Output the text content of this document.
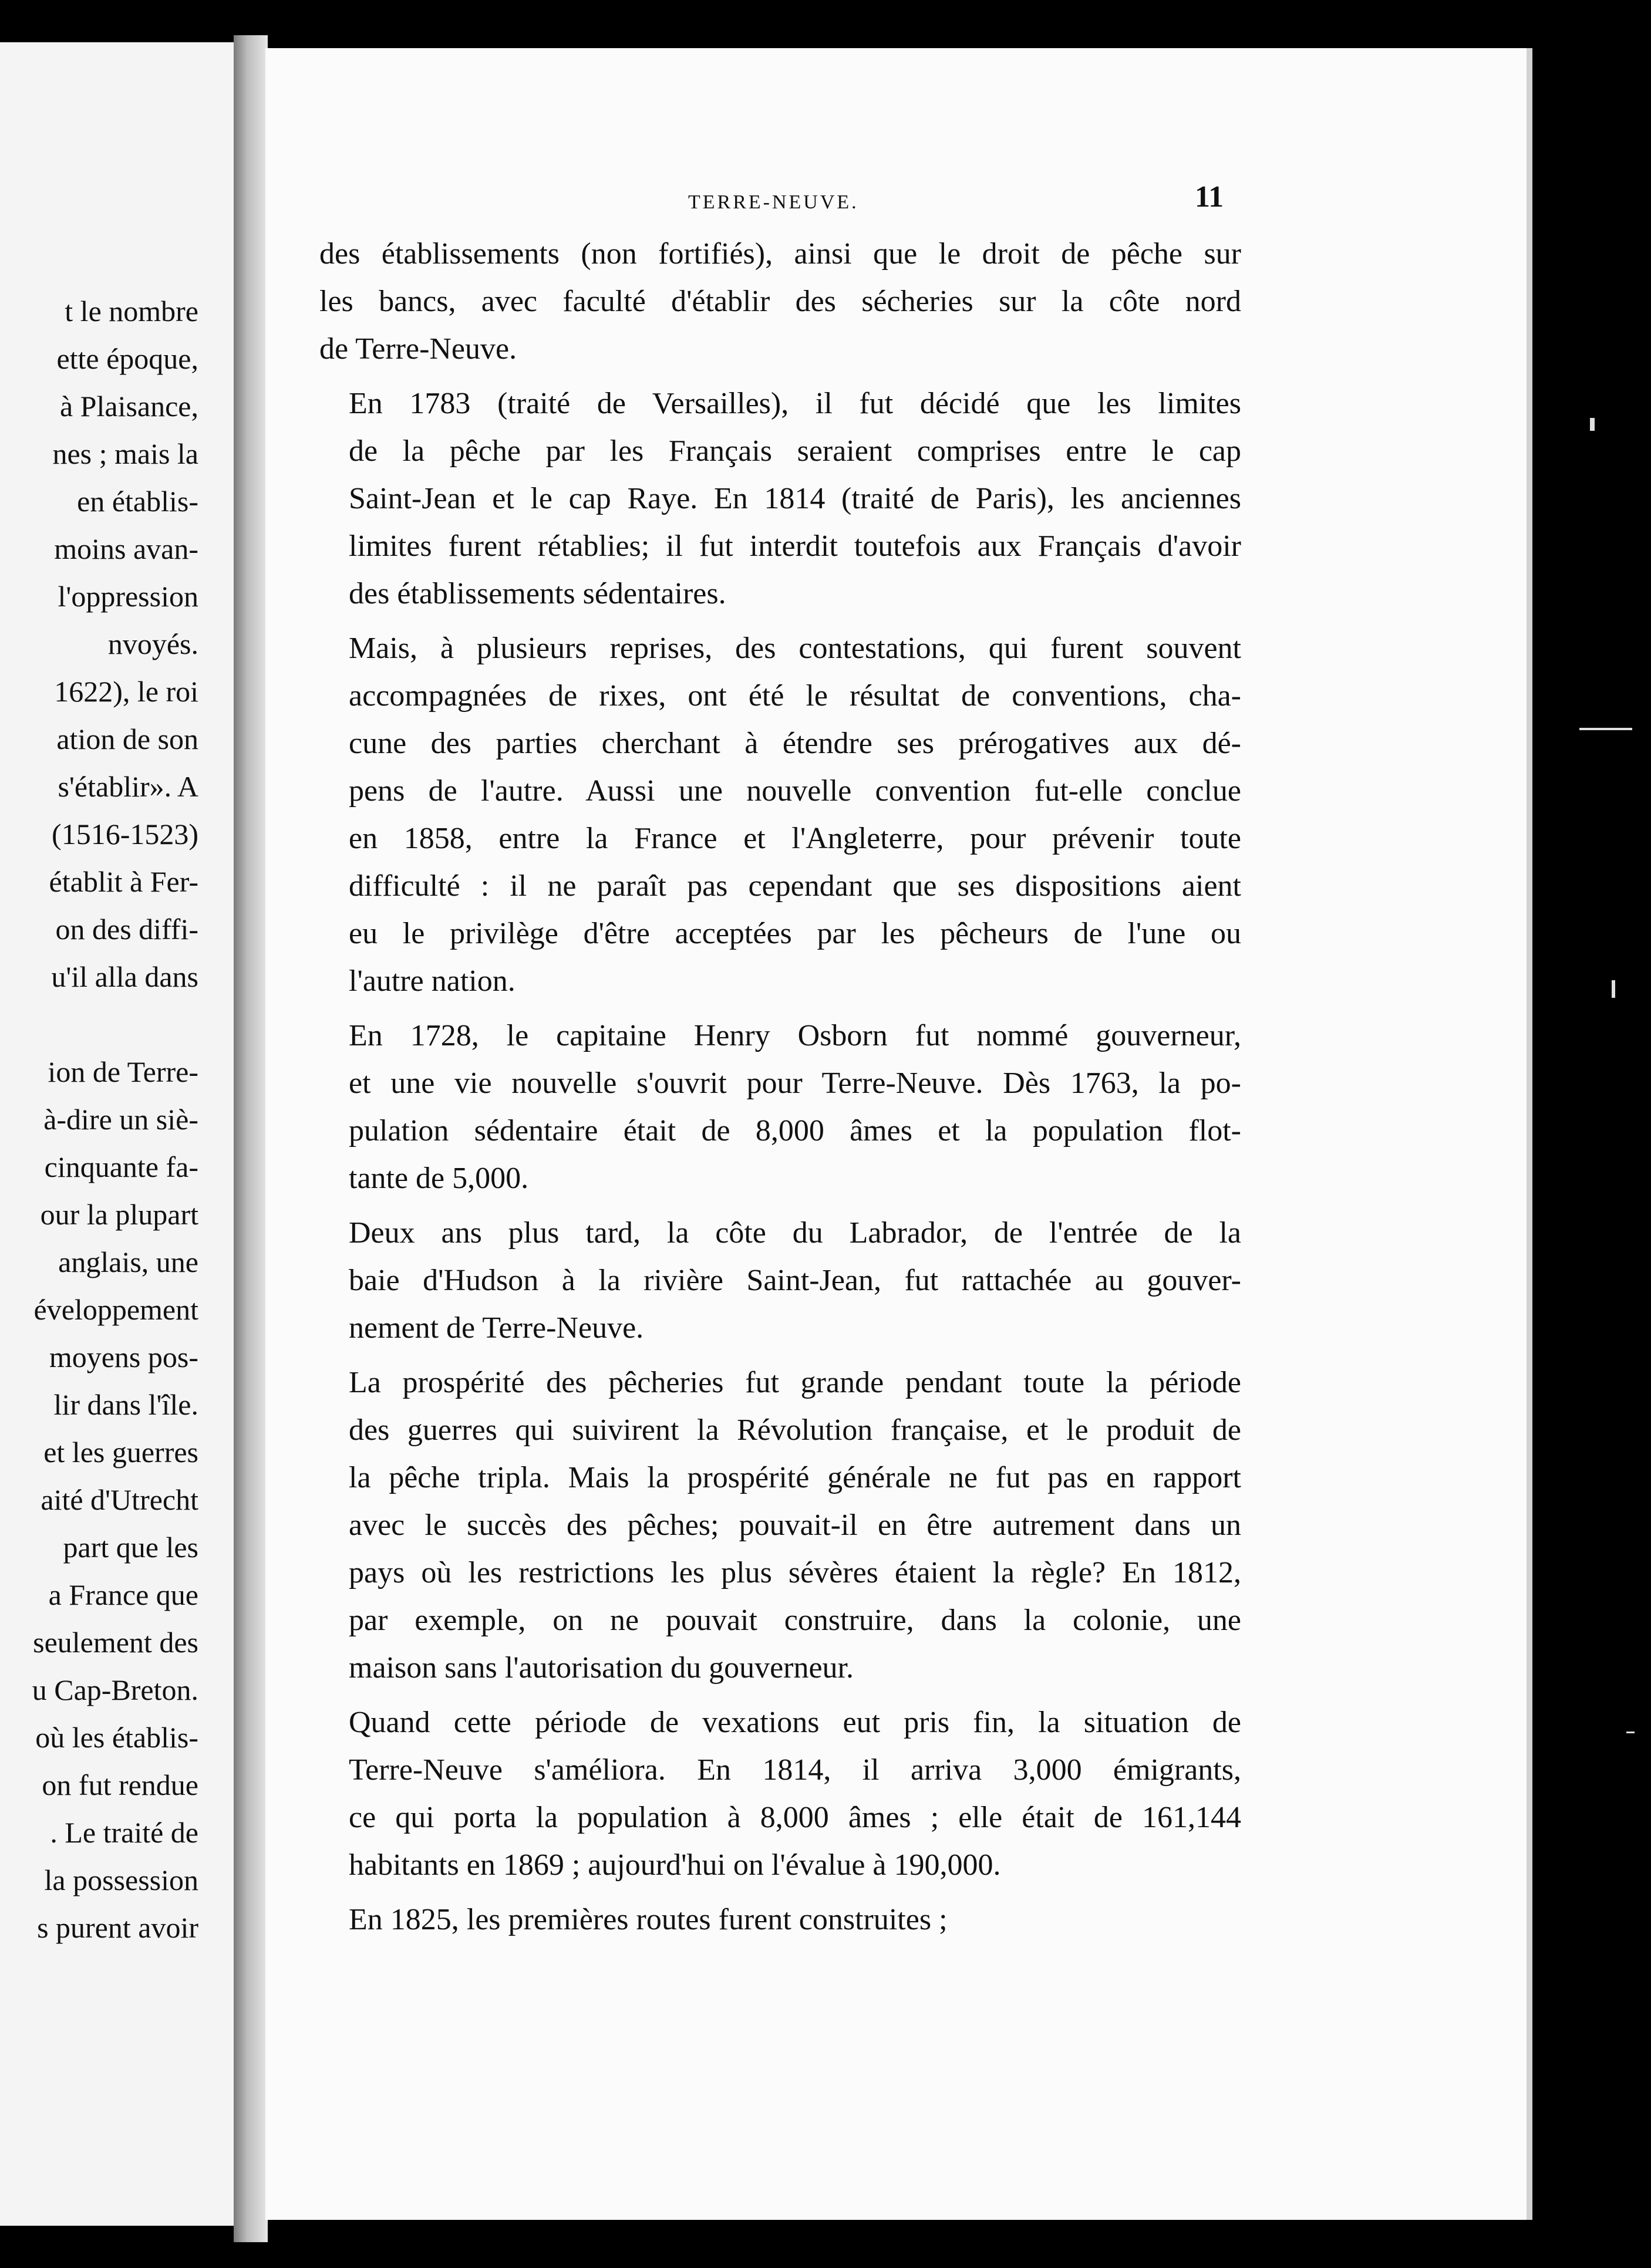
t le nombre
ette époque,
à Plaisance,
nes ; mais la
en établis-
moins avan-
l'oppression
nvoyés.
1622), le roi
ation de son
s'établir». A
(1516-1523)
établit à Fer-
on des diffi-
u'il alla dans

ion de Terre-
à-dire un siè-
cinquante fa-
our la plupart
anglais, une
éveloppement
moyens pos-
lir dans l'île.
et les guerres
aité d'Utrecht
part que les
a France que
seulement des
u Cap-Breton.
où les établis-
on fut rendue
. Le traité de
la possession
s purent avoir
TERRE-NEUVE.	11

des établissements (non fortifiés), ainsi que le droit de pêche sur
les bancs, avec faculté d'établir des sécheries sur la côte nord
de Terre-Neuve.

En 1783 (traité de Versailles), il fut décidé que les limites
de la pêche par les Français seraient comprises entre le cap
Saint-Jean et le cap Raye. En 1814 (traité de Paris), les anciennes
limites furent rétablies; il fut interdit toutefois aux Français d'avoir
des établissements sédentaires.

Mais, à plusieurs reprises, des contestations, qui furent souvent
accompagnées de rixes, ont été le résultat de conventions, cha-
cune des parties cherchant à étendre ses prérogatives aux dé-
pens de l'autre. Aussi une nouvelle convention fut-elle conclue
en 1858, entre la France et l'Angleterre, pour prévenir toute
difficulté : il ne paraît pas cependant que ses dispositions aient
eu le privilège d'être acceptées par les pêcheurs de l'une ou
l'autre nation.

En 1728, le capitaine Henry Osborn fut nommé gouverneur,
et une vie nouvelle s'ouvrit pour Terre-Neuve. Dès 1763, la po-
pulation sédentaire était de 8,000 âmes et la population flot-
tante de 5,000.

Deux ans plus tard, la côte du Labrador, de l'entrée de la
baie d'Hudson à la rivière Saint-Jean, fut rattachée au gouver-
nement de Terre-Neuve.

La prospérité des pêcheries fut grande pendant toute la période
des guerres qui suivirent la Révolution française, et le produit de
la pêche tripla. Mais la prospérité générale ne fut pas en rapport
avec le succès des pêches; pouvait-il en être autrement dans un
pays où les restrictions les plus sévères étaient la règle? En 1812,
par exemple, on ne pouvait construire, dans la colonie, une
maison sans l'autorisation du gouverneur.

Quand cette période de vexations eut pris fin, la situation de
Terre-Neuve s'améliora. En 1814, il arriva 3,000 émigrants,
ce qui porta la population à 8,000 âmes ; elle était de 161,144
habitants en 1869 ; aujourd'hui on l'évalue à 190,000.

En 1825, les premières routes furent construites ;
